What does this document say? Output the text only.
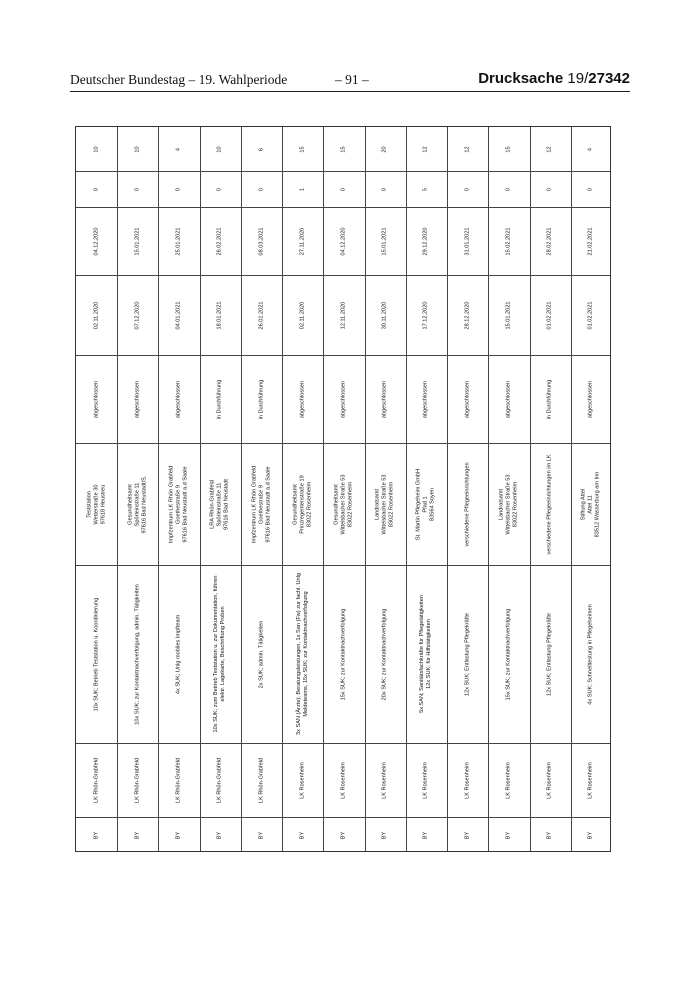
Deutscher Bundestag – 19. Wahlperiode	– 91 –	Drucksache 19/27342
10
0
04.12.2020
02.11.2020
abgeschlossen
Teststation
Wetterstraße 30
97618 Heustreu
10x SUK; Betrieb Teststation u. Koordinierung
LK Rhön-Grabfeld
BY
10
0
15.01.2021
07.12.2020
abgeschlossen
Gesundheitsamt
Spörleinstraße 11
97616 Bad Neustadt/S.
10x SUK; zur Kontaktnachverfolgung, admin. Tätigkeiten
LK Rhön-Grabfeld
BY
4
0
25.01.2021
04.01.2021
abgeschlossen
Impfzentrum LK Rhön Grabfeld
Goethestraße 9
97616 Bad Neustadt a.d Saale
4x SUK; Unlg mobiles Impfteam
LK Rhön-Grabfeld
BY
10
0
26.02.2021
18.01.2021
in Durchführung
LRA Rhön-Grabfeld
Spörleinstraße 11
97616 Bad Neustadt
10x SUK; zum Betrieb Teststation u. zur Dokumentation, führen elektr. Lagekarte, Beschriftung Proben
LK Rhön-Grabfeld
BY
6
0
08.03.2021
26.01.2021
in Durchführung
Impfzentrum LK Rhön Grabfeld
Goethestraße 9
97616 Bad Neustadt a.d Saale
2x SUK; admin. Tätigkeiten
LK Rhön-Grabfeld
BY
15
1
27.11.2020
02.11.2020
abgeschlossen
Gesundheitsamt
Prinzregentenstraße 19
83022 Rosenheim
3x SAN (Ärzte); Beratungsleistungen, 1x San (Fw) zur fachl. Unlg Meldeteams, 15x SUK; zur Kontaktnachverfolgung
LK Rosenheim
BY
15
0
04.12.2020
12.11.2020
abgeschlossen
Gesundheitsamt
Wittelsbacher Straße 53
83022 Rosenheim
15x SUK; zur Kontaktnachverfolgung
LK Rosenheim
BY
20
0
15.01.2021
30.11.2020
abgeschlossen
Landratsamt
Wittelsbacher Straße 53
83022 Rosenheim
20x SUK; zur Kontaktnachverfolgung
LK Rosenheim
BY
12
5
29.12.2020
17.12.2020
abgeschlossen
St. Martin Pflegeheim GmbH
Pfad 1
83564 Soyen
5x SAN; Sanitätsfachkräfte für Pflegetätigkeiten
12x SUK; für Hilfstätigkeiten
LK Rosenheim
BY
12
0
31.01.2021
28.12.2020
abgeschlossen
verschiedene Pflegeeinrichtungen
12x SUK; Entlastung Pflegekräfte
LK Rosenheim
BY
15
0
15.02.2021
15.01.2021
abgeschlossen
Landratsamt
Wittelsbacher Straße 53
83022 Rosenheim
15x SUK; zur Kontaktnachverfolgung
LK Rosenheim
BY
12
0
28.02.2021
01.02.2021
in Durchführung
verschiedene Pflegeeinrichtungen im LK
12x SUK; Entlastung Pflegekräfte
LK Rosenheim
BY
4
0
21.02.2021
01.02.2021
abgeschlossen
Stiftung Attel
Attel 11
83512 Wasserburg am Inn
4x SUK; Schnelltestung in Pflegeheimen
LK Rosenheim
BY
